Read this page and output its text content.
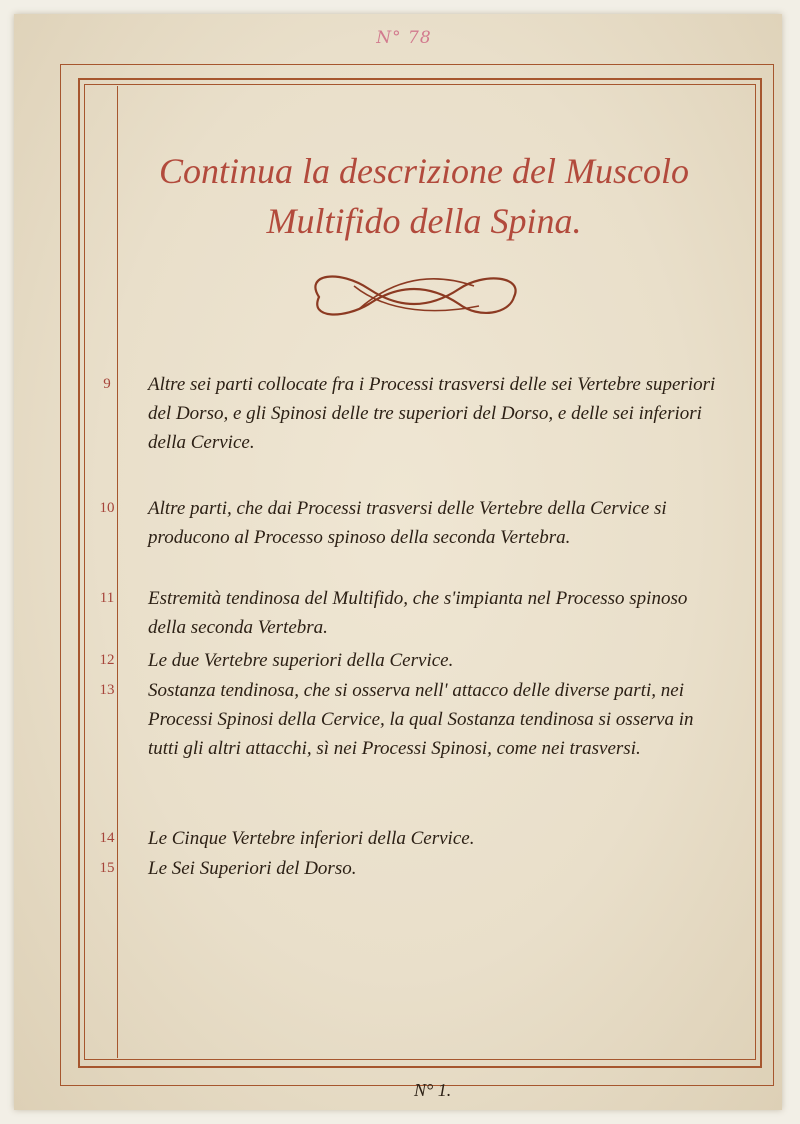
N° 78
Continua la descrizione del Muscolo
Multifido della Spina.
9	Altre sei parti collocate fra i Processi trasversi delle sei Vertebre superiori del Dorso, e gli Spinosi delle tre superiori del Dorso, e delle sei inferiori della Cervice.
10	Altre parti, che dai Processi trasversi delle Vertebre della Cervice si producono al Processo spinoso della seconda Vertebra.
11	Estremità tendinosa del Multifido, che s'impianta nel Processo spinoso della seconda Vertebra.
12	Le due Vertebre superiori della Cervice.
13	Sostanza tendinosa, che si osserva nell' attacco delle diverse parti, nei Processi Spinosi della Cervice, la qual Sostanza tendinosa si osserva in tutti gli altri attacchi, sì nei Processi Spinosi, come nei trasversi.
14	Le Cinque Vertebre inferiori della Cervice.
15	Le Sei Superiori del Dorso.
N° 1.
